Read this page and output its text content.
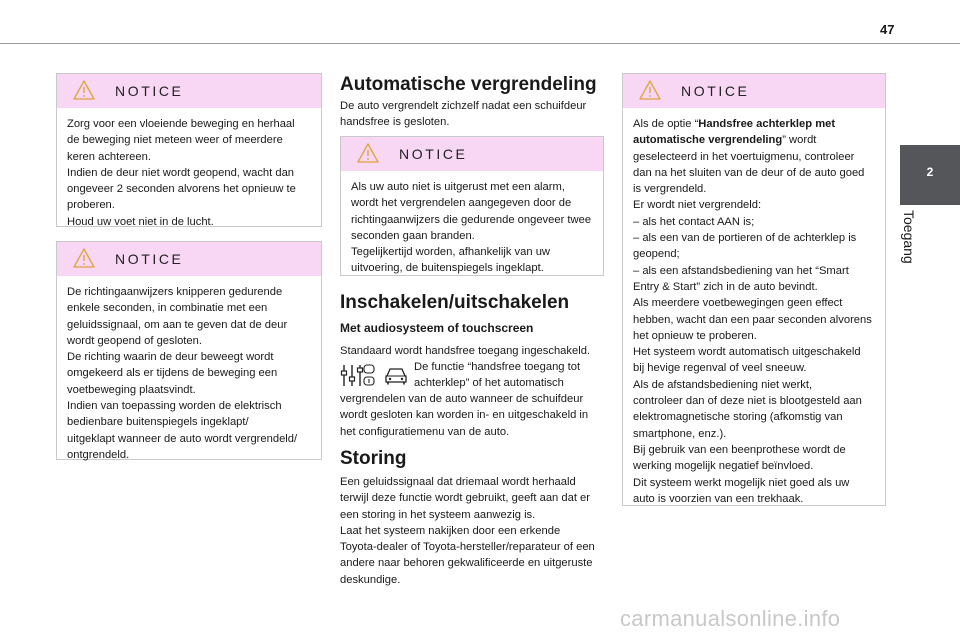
47
2
Toegang
NOTICE

Zorg voor een vloeiende beweging en herhaal

de beweging niet meteen weer of meerdere

keren achtereen.

Indien de deur niet wordt geopend, wacht dan

ongeveer 2 seconden alvorens het opnieuw te

proberen.

Houd uw voet niet in de lucht.

NOTICE

De richtingaanwijzers knipperen gedurende

enkele seconden, in combinatie met een

geluidssignaal, om aan te geven dat de deur

wordt geopend of gesloten.

De richting waarin de deur beweegt wordt

omgekeerd als er tijdens de beweging een

voetbeweging plaatsvindt.

Indien van toepassing worden de elektrisch

bedienbare buitenspiegels ingeklapt/

uitgeklapt wanneer de auto wordt vergrendeld/

ontgrendeld.

Automatische vergrendeling

De auto vergrendelt zichzelf nadat een schuifdeur

handsfree is gesloten.

NOTICE

Als uw auto niet is uitgerust met een alarm,

wordt het vergrendelen aangegeven door de

richtingaanwijzers die gedurende ongeveer twee

seconden gaan branden.

Tegelijkertijd worden, afhankelijk van uw

uitvoering, de buitenspiegels ingeklapt.

Inschakelen/uitschakelen
Met audiosysteem of touchscreen
Standaard wordt handsfree toegang ingeschakeld.

De functie “handsfree toegang tot

achterklep” of het automatisch

vergrendelen van de auto wanneer de schuifdeur

wordt gesloten kan worden in- en uitgeschakeld in

het configuratiemenu van de auto.

Storing

Een geluidssignaal dat driemaal wordt herhaald

terwijl deze functie wordt gebruikt, geeft aan dat er

een storing in het systeem aanwezig is.

Laat het systeem nakijken door een erkende

Toyota-dealer of Toyota-hersteller/reparateur of een

andere naar behoren gekwalificeerde en uitgeruste

deskundige.

NOTICE

Als de optie “Handsfree achterklep met

automatische vergrendeling” wordt

geselecteerd in het voertuigmenu, controleer

dan na het sluiten van de deur of de auto goed

is vergrendeld.

Er wordt niet vergrendeld:

– als het contact AAN is;

– als een van de portieren of de achterklep is

geopend;

– als een afstandsbediening van het “Smart

Entry & Start” zich in de auto bevindt.

Als meerdere voetbewegingen geen effect

hebben, wacht dan een paar seconden alvorens

het opnieuw te proberen.

Het systeem wordt automatisch uitgeschakeld

bij hevige regenval of veel sneeuw.

Als de afstandsbediening niet werkt,

controleer dan of deze niet is blootgesteld aan

elektromagnetische storing (afkomstig van

smartphone, enz.).

Bij gebruik van een beenprothese wordt de

werking mogelijk negatief beïnvloed.

Dit systeem werkt mogelijk niet goed als uw

auto is voorzien van een trekhaak.

carmanualsonline.info
